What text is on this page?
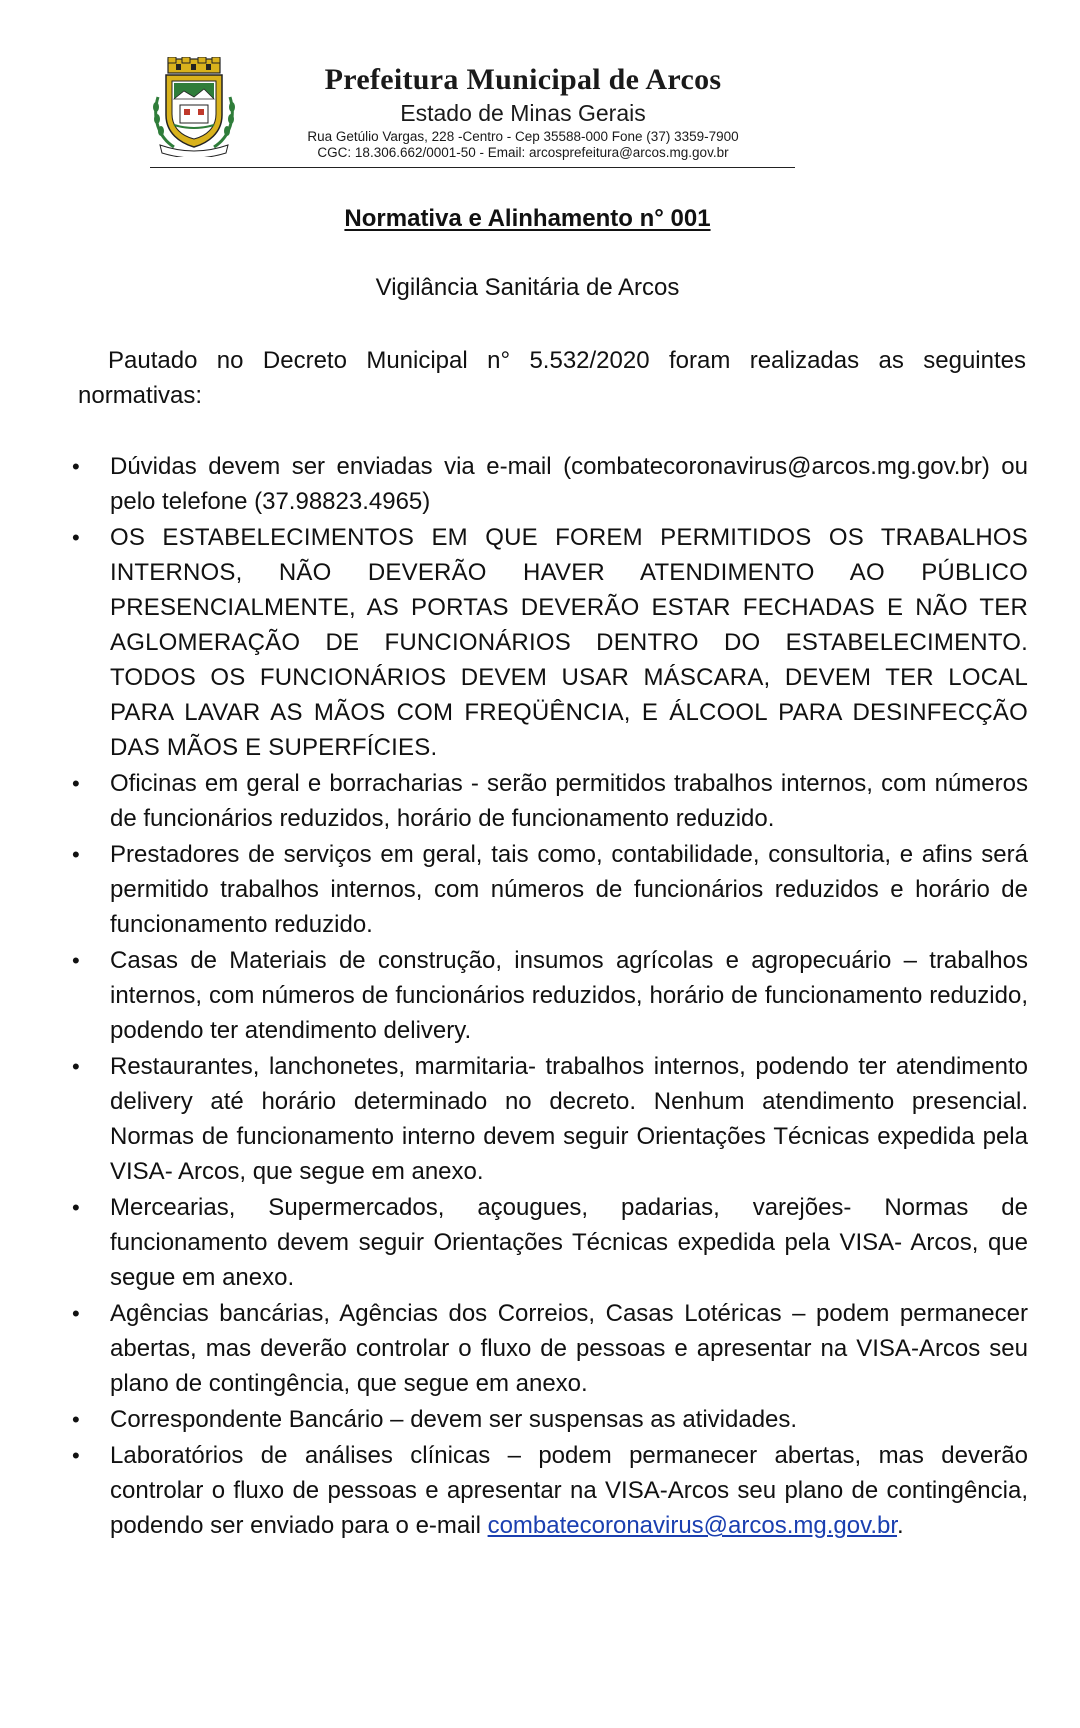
Prefeitura Municipal de Arcos
Estado de Minas Gerais
Rua Getúlio Vargas, 228 -Centro - Cep 35588-000 Fone (37) 3359-7900
CGC: 18.306.662/0001-50 - Email: arcosprefeitura@arcos.mg.gov.br
Normativa e Alinhamento n° 001
Vigilância Sanitária de Arcos

Pautado no Decreto Municipal n° 5.532/2020 foram realizadas as seguintes normativas:

• Dúvidas devem ser enviadas via e-mail (combatecoronavirus@arcos.mg.gov.br) ou pelo telefone (37.98823.4965)
• OS ESTABELECIMENTOS EM QUE FOREM PERMITIDOS OS TRABALHOS INTERNOS, NÃO DEVERÃO HAVER ATENDIMENTO AO PÚBLICO PRESENCIALMENTE, AS PORTAS DEVERÃO ESTAR FECHADAS E NÃO TER AGLOMERAÇÃO DE FUNCIONÁRIOS DENTRO DO ESTABELECIMENTO. TODOS OS FUNCIONÁRIOS DEVEM USAR MÁSCARA, DEVEM TER LOCAL PARA LAVAR AS MÃOS COM FREQÜÊNCIA, E ÁLCOOL PARA DESINFECÇÃO DAS MÃOS E SUPERFÍCIES.
• Oficinas em geral e borracharias - serão permitidos trabalhos internos, com números de funcionários reduzidos, horário de funcionamento reduzido.
• Prestadores de serviços em geral, tais como, contabilidade, consultoria, e afins será permitido trabalhos internos, com números de funcionários reduzidos e horário de funcionamento reduzido.
• Casas de Materiais de construção, insumos agrícolas e agropecuário – trabalhos internos, com números de funcionários reduzidos, horário de funcionamento reduzido, podendo ter atendimento delivery.
• Restaurantes, lanchonetes, marmitaria- trabalhos internos, podendo ter atendimento delivery até horário determinado no decreto. Nenhum atendimento presencial. Normas de funcionamento interno devem seguir Orientações Técnicas expedida pela VISA- Arcos, que segue em anexo.
• Mercearias, Supermercados, açougues, padarias, varejões- Normas de funcionamento devem seguir Orientações Técnicas expedida pela VISA- Arcos, que segue em anexo.
• Agências bancárias, Agências dos Correios, Casas Lotéricas – podem permanecer abertas, mas deverão controlar o fluxo de pessoas e apresentar na VISA-Arcos seu plano de contingência, que segue em anexo.
• Correspondente Bancário – devem ser suspensas as atividades.
• Laboratórios de análises clínicas – podem permanecer abertas, mas deverão controlar o fluxo de pessoas e apresentar na VISA-Arcos seu plano de contingência, podendo ser enviado para o e-mail combatecoronavirus@arcos.mg.gov.br.
